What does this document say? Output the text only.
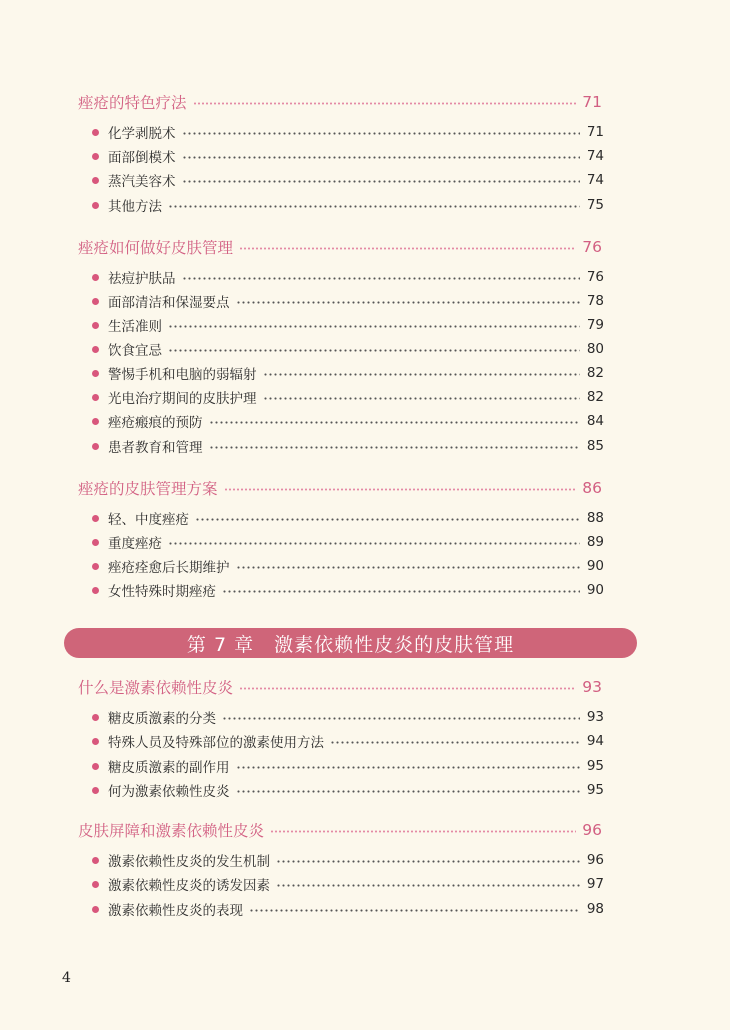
痤疮的特色疗法	71
化学剥脱术	71
面部倒模术	74
蒸汽美容术	74
其他方法	75
痤疮如何做好皮肤管理	76
祛痘护肤品	76
面部清洁和保湿要点	78
生活准则	79
饮食宜忌	80
警惕手机和电脑的弱辐射	82
光电治疗期间的皮肤护理	82
痤疮瘢痕的预防	84
患者教育和管理	85
痤疮的皮肤管理方案	86
轻、中度痤疮	88
重度痤疮	89
痤疮痊愈后长期维护	90
女性特殊时期痤疮	90
第 7 章　激素依赖性皮炎的皮肤管理
什么是激素依赖性皮炎	93
糖皮质激素的分类	93
特殊人员及特殊部位的激素使用方法	94
糖皮质激素的副作用	95
何为激素依赖性皮炎	95
皮肤屏障和激素依赖性皮炎	96
激素依赖性皮炎的发生机制	96
激素依赖性皮炎的诱发因素	97
激素依赖性皮炎的表现	98
4
